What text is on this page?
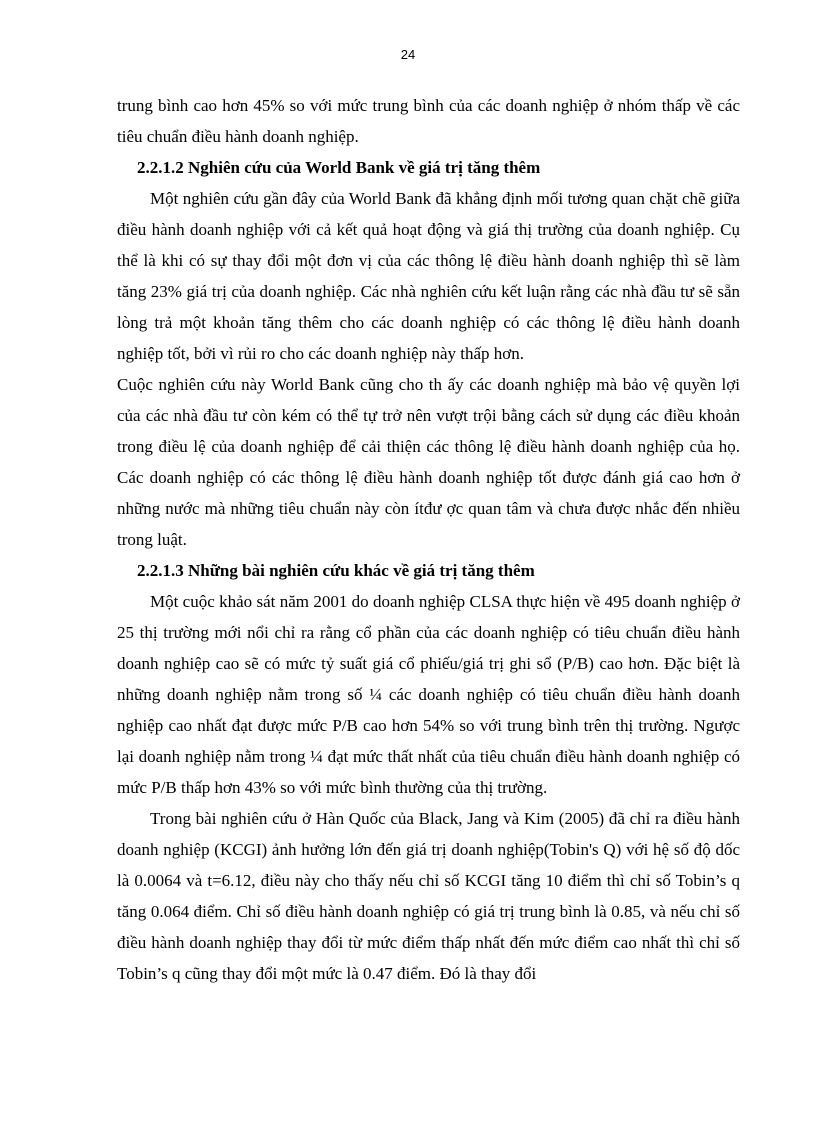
24

trung bình cao hơn 45% so với mức trung bình của các doanh nghiệp ở nhóm thấp về các tiêu chuẩn điều hành doanh nghiệp.

2.2.1.2 Nghiên cứu của World Bank về giá trị tăng thêm

Một nghiên cứu gần đây của World Bank đã khẳng định mối tương quan chặt chẽ giữa điều hành doanh nghiệp với cả kết quả hoạt động và giá thị trường của doanh nghiệp. Cụ thể là khi có sự thay đổi một đơn vị của các thông lệ điều hành doanh nghiệp thì sẽ làm tăng 23% giá trị của doanh nghiệp. Các nhà nghiên cứu kết luận rằng các nhà đầu tư sẽ sẵn lòng trả một khoản tăng thêm cho các doanh nghiệp có các thông lệ điều hành doanh nghiệp tốt, bởi vì rủi ro cho các doanh nghiệp này thấp hơn.

Cuộc nghiên cứu này World Bank cũng cho th ấy các doanh nghiệp mà bảo vệ quyền lợi của các nhà đầu tư còn kém có thể tự trở nên vượt trội bằng cách sử dụng các điều khoản trong điều lệ của doanh nghiệp để cải thiện các thông lệ điều hành doanh nghiệp của họ. Các doanh nghiệp có các thông lệ điều hành doanh nghiệp tốt được đánh giá cao hơn ở những nước mà những tiêu chuẩn này còn ítđư ợc quan tâm và chưa được nhắc đến nhiều trong luật.

2.2.1.3 Những bài nghiên cứu khác về giá trị tăng thêm

Một cuộc khảo sát năm 2001 do doanh nghiệp CLSA thực hiện về 495 doanh nghiệp ở 25 thị trường mới nổi chỉ ra rằng cổ phần của các doanh nghiệp có tiêu chuẩn điều hành doanh nghiệp cao sẽ có mức tỷ suất giá cổ phiếu/giá trị ghi sổ (P/B) cao hơn. Đặc biệt là những doanh nghiệp nằm trong số ¼ các doanh nghiệp có tiêu chuẩn điều hành doanh nghiệp cao nhất đạt được mức P/B cao hơn 54% so với trung bình trên thị trường. Ngược lại doanh nghiệp nằm trong ¼ đạt mức thất nhất của tiêu chuẩn điều hành doanh nghiệp có mức P/B thấp hơn 43% so với mức bình thường của thị trường.

Trong bài nghiên cứu ở Hàn Quốc của Black, Jang và Kim (2005) đã chỉ ra điều hành doanh nghiệp (KCGI) ảnh hưởng lớn đến giá trị doanh nghiệp(Tobin's Q) với hệ số độ dốc là 0.0064 và t=6.12, điều này cho thấy nếu chỉ số KCGI tăng 10 điểm thì chỉ số Tobin’s q tăng 0.064 điểm. Chỉ số điều hành doanh nghiệp có giá trị trung bình là 0.85, và nếu chỉ số điều hành doanh nghiệp thay đổi từ mức điểm thấp nhất đến mức điểm cao nhất thì chỉ số Tobin’s q cũng thay đổi một mức là 0.47 điểm. Đó là thay đổi
